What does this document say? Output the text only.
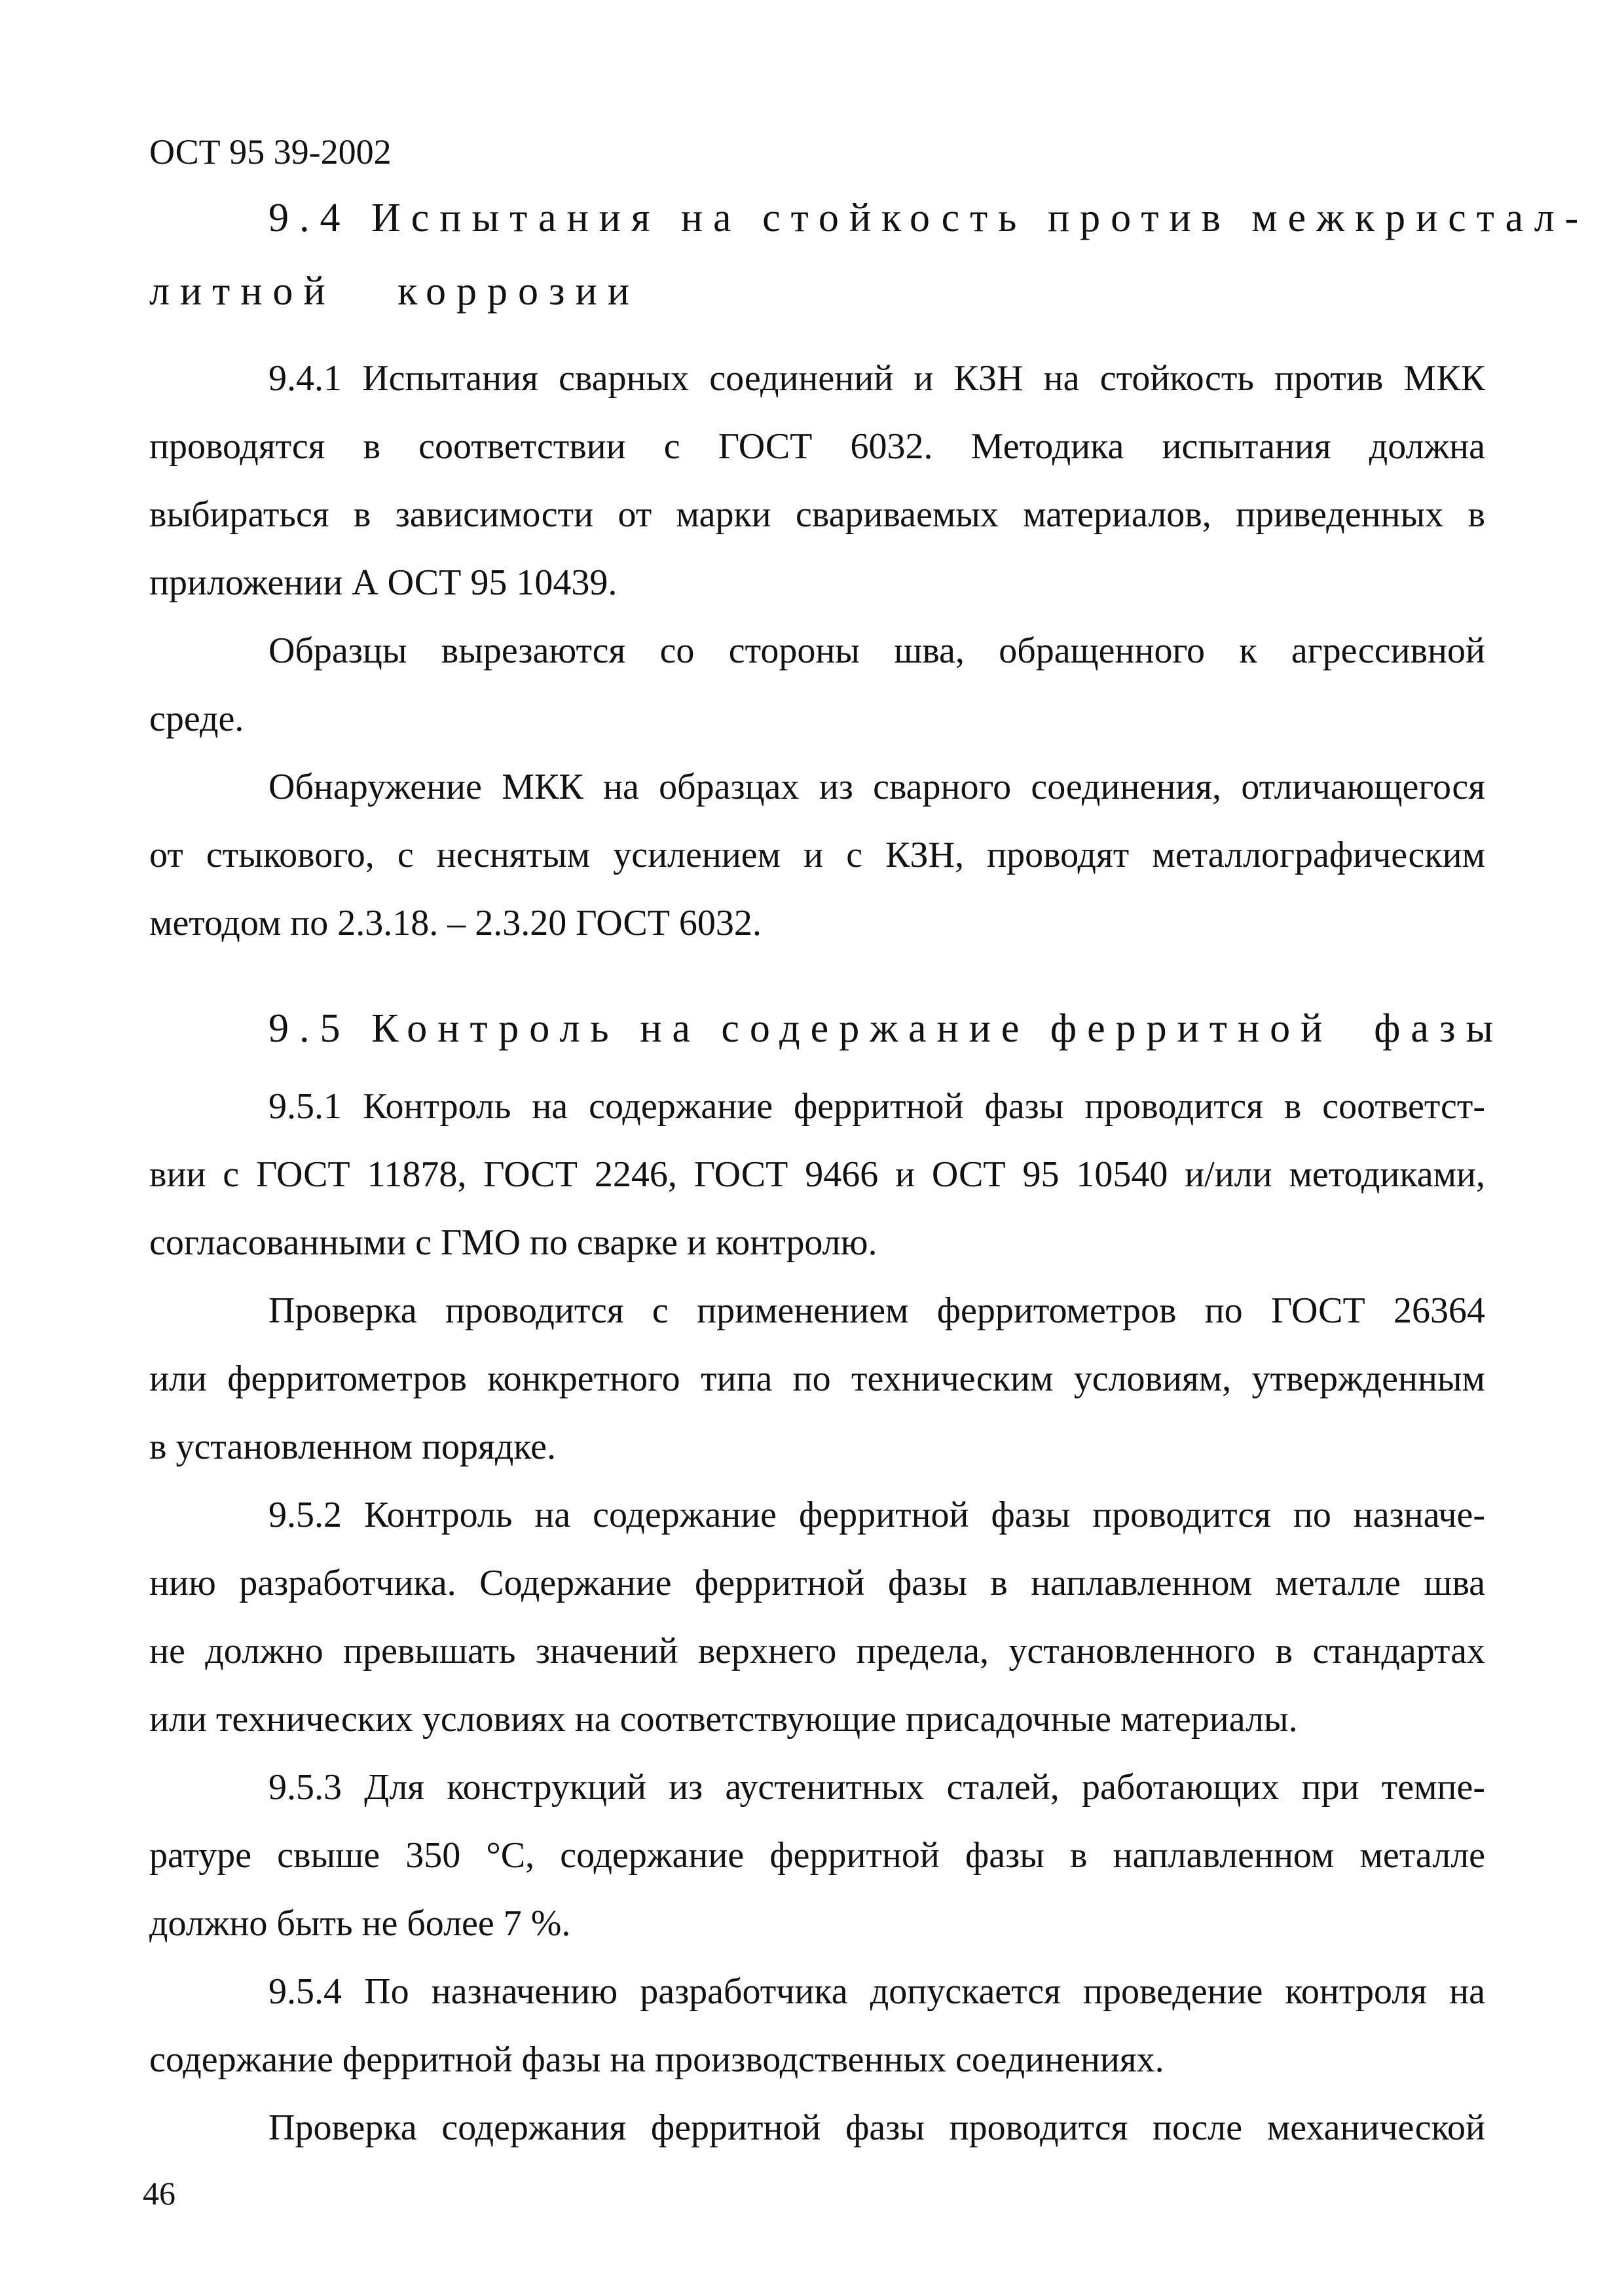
ОСТ 95 39-2002

9.4 Испытания на стойкость против межкристал-

литной   коррозии

9.4.1 Испытания сварных соединений и КЗН на стойкость против МКК

проводятся в соответствии с ГОСТ 6032. Методика испытания должна

выбираться в зависимости от марки свариваемых материалов, приведенных в

приложении А ОСТ 95 10439.

Образцы вырезаются со стороны шва, обращенного к агрессивной

среде.

Обнаружение МКК на образцах из сварного соединения, отличающегося

от стыкового, с неснятым усилением и с КЗН, проводят металлографическим

методом по 2.3.18. – 2.3.20 ГОСТ 6032.

9.5 Контроль на содержание ферритной  фазы

9.5.1 Контроль на содержание ферритной фазы проводится в соответст-

вии с ГОСТ 11878, ГОСТ 2246, ГОСТ 9466 и ОСТ 95 10540 и/или методиками,

согласованными с ГМО по сварке и контролю.

Проверка проводится с применением ферритометров по ГОСТ 26364

или ферритометров конкретного типа по техническим условиям, утвержденным

в установленном порядке.

9.5.2 Контроль на содержание ферритной фазы проводится по назначе-

нию разработчика. Содержание ферритной фазы в наплавленном металле шва

не должно превышать значений верхнего предела, установленного в стандартах

или технических условиях на соответствующие присадочные материалы.

9.5.3 Для конструкций из аустенитных сталей, работающих при темпе-

ратуре свыше 350 °С, содержание ферритной фазы в наплавленном металле

должно быть не более 7 %.

9.5.4 По назначению разработчика допускается проведение контроля на

содержание ферритной фазы на производственных соединениях.

Проверка содержания ферритной фазы проводится после механической

46
